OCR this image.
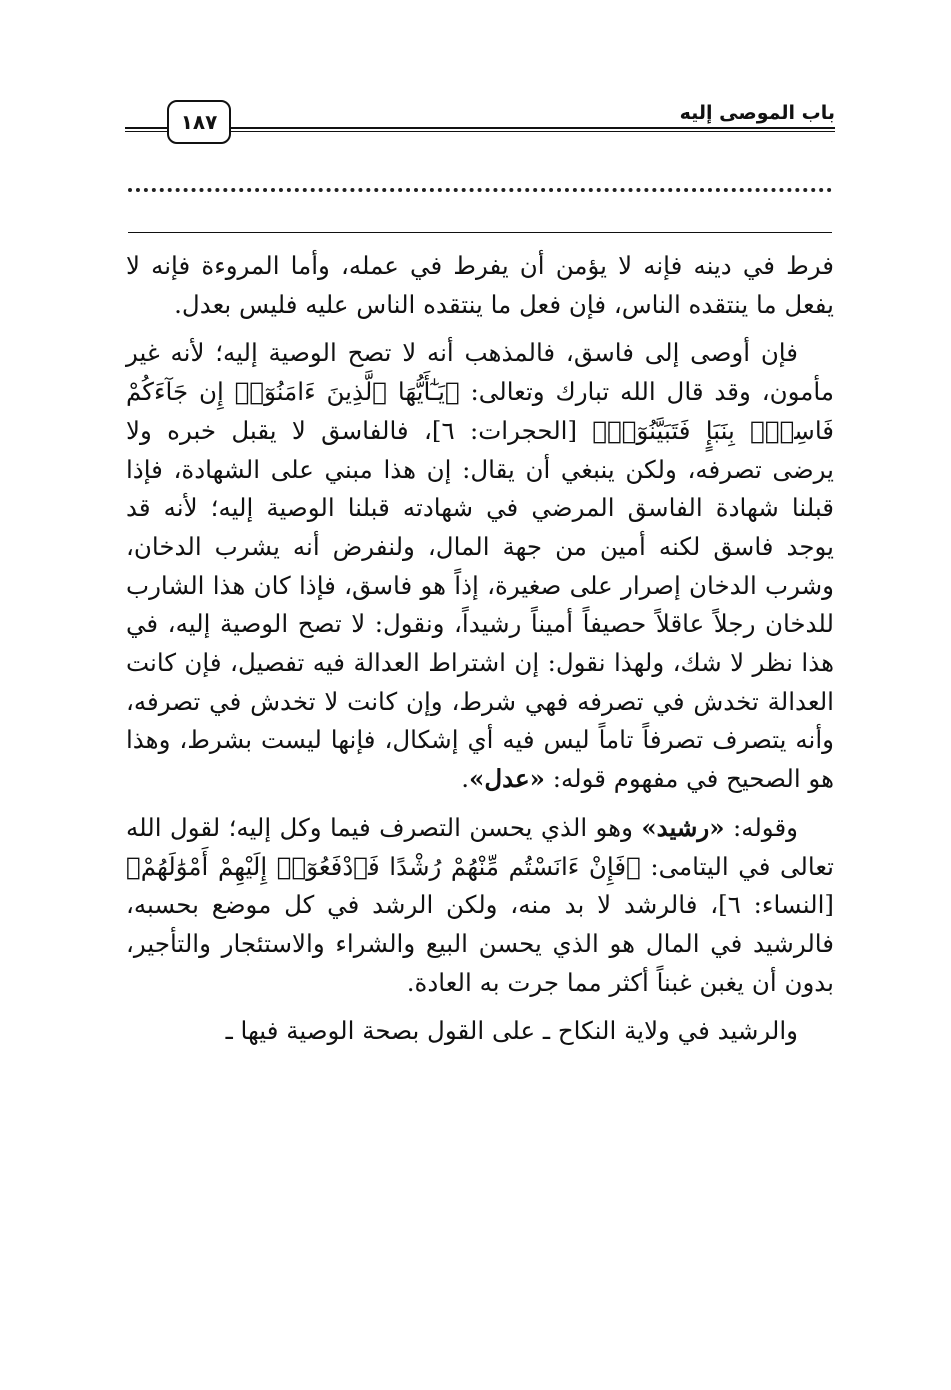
١٨٧	باب الموصى إليه

فرط في دينه فإنه لا يؤمن أن يفرط في عمله، وأما المروءة فإنه لا يفعل ما ينتقده الناس، فإن فعل ما ينتقده الناس عليه فليس بعدل.

فإن أوصى إلى فاسق، فالمذهب أنه لا تصح الوصية إليه؛ لأنه غير مأمون، وقد قال الله تبارك وتعالى: ﴿يَـٰٓأَيُّهَا ٱلَّذِينَ ءَامَنُوٓا۟ إِن جَآءَكُمْ فَاسِقٌۢ بِنَبَإٍ فَتَبَيَّنُوٓا۟﴾ [الحجرات: ٦]، فالفاسق لا يقبل خبره ولا يرضى تصرفه، ولكن ينبغي أن يقال: إن هذا مبني على الشهادة، فإذا قبلنا شهادة الفاسق المرضي في شهادته قبلنا الوصية إليه؛ لأنه قد يوجد فاسق لكنه أمين من جهة المال، ولنفرض أنه يشرب الدخان، وشرب الدخان إصرار على صغيرة، إذاً هو فاسق، فإذا كان هذا الشارب للدخان رجلاً عاقلاً حصيفاً أميناً رشيداً، ونقول: لا تصح الوصية إليه، في هذا نظر لا شك، ولهذا نقول: إن اشتراط العدالة فيه تفصيل، فإن كانت العدالة تخدش في تصرفه فهي شرط، وإن كانت لا تخدش في تصرفه، وأنه يتصرف تصرفاً تاماً ليس فيه أي إشكال، فإنها ليست بشرط، وهذا هو الصحيح في مفهوم قوله: «عدل».

وقوله: «رشيد» وهو الذي يحسن التصرف فيما وكل إليه؛ لقول الله تعالى في اليتامى: ﴿فَإِنْ ءَانَسْتُم مِّنْهُمْ رُشْدًا فَٱدْفَعُوٓا۟ إِلَيْهِمْ أَمْوَٰلَهُمْ﴾ [النساء: ٦]، فالرشد لا بد منه، ولكن الرشد في كل موضع بحسبه، فالرشيد في المال هو الذي يحسن البيع والشراء والاستئجار والتأجير، بدون أن يغبن غبناً أكثر مما جرت به العادة.

والرشيد في ولاية النكاح ـ على القول بصحة الوصية فيها ـ
